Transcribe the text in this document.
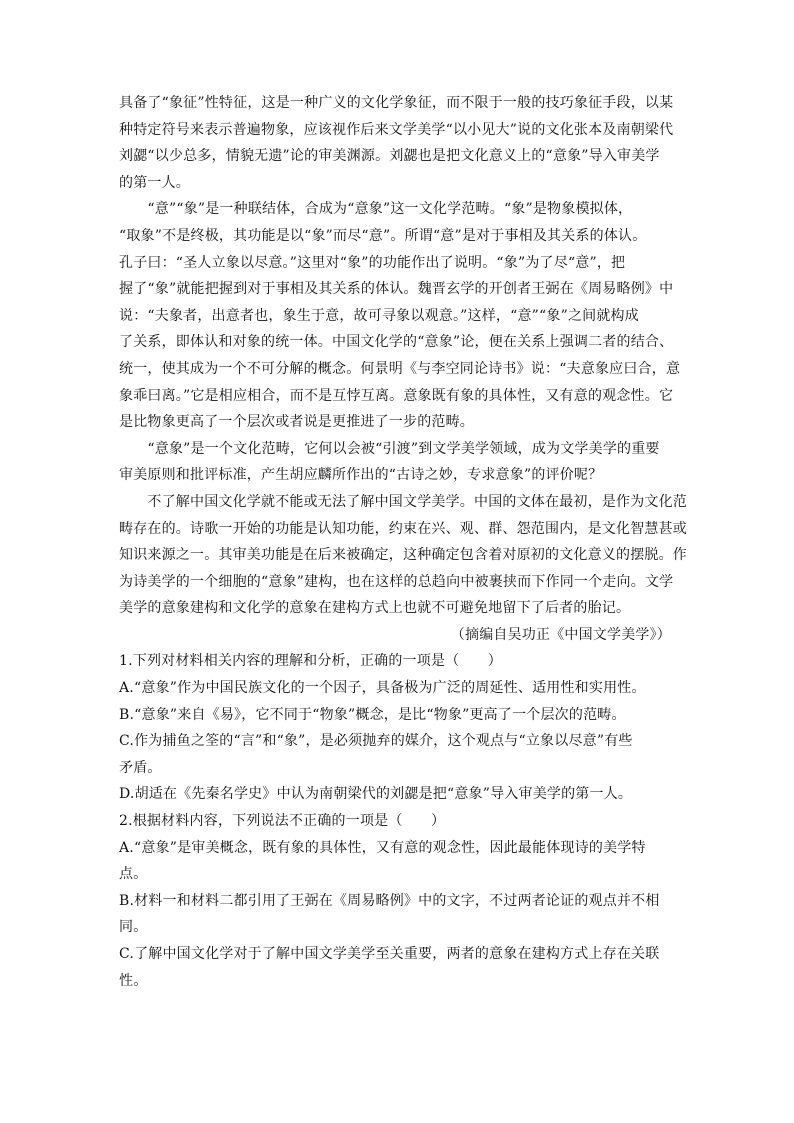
具备了“象征”性特征，这是一种广义的文化学象征，而不限于一般的技巧象征手段，以某
种特定符号来表示普遍物象，应该视作后来文学美学“以小见大”说的文化张本及南朝梁代
刘勰“以少总多，情貌无遗”论的审美渊源。刘勰也是把文化意义上的“意象”导入审美学
的第一人。
　　“意”“象”是一种联结体，合成为“意象”这一文化学范畴。“象”是物象模拟体，
“取象”不是终极，其功能是以“象”而尽“意”。所谓“意”是对于事相及其关系的体认。
孔子曰：“圣人立象以尽意。”这里对“象”的功能作出了说明。“象”为了尽“意”，把
握了“象”就能把握到对于事相及其关系的体认。魏晋玄学的开创者王弼在《周易略例》中
说：“夫象者，出意者也，象生于意，故可寻象以观意。”这样，“意”“象”之间就构成
了关系，即体认和对象的统一体。中国文化学的“意象”论，便在关系上强调二者的结合、
统一，使其成为一个不可分解的概念。何景明《与李空同论诗书》说：“夫意象应曰合，意
象乖曰离。”它是相应相合，而不是互悖互离。意象既有象的具体性，又有意的观念性。它
是比物象更高了一个层次或者说是更推进了一步的范畴。
　　“意象”是一个文化范畴，它何以会被“引渡”到文学美学领域，成为文学美学的重要
审美原则和批评标准，产生胡应麟所作出的“古诗之妙，专求意象”的评价呢？
　　不了解中国文化学就不能或无法了解中国文学美学。中国的文体在最初，是作为文化范
畴存在的。诗歌一开始的功能是认知功能，约束在兴、观、群、怨范围内，是文化智慧甚或
知识来源之一。其审美功能是在后来被确定，这种确定包含着对原初的文化意义的摆脱。作
为诗美学的一个细胞的“意象”建构，也在这样的总趋向中被裹挟而下作同一个走向。文学
美学的意象建构和文化学的意象在建构方式上也就不可避免地留下了后者的胎记。
（摘编自吴功正《中国文学美学》）
1.下列对材料相关内容的理解和分析，正确的一项是（　　）
A.“意象”作为中国民族文化的一个因子，具备极为广泛的周延性、适用性和实用性。
B.“意象”来自《易》，它不同于“物象”概念，是比“物象”更高了一个层次的范畴。
C.作为捕鱼之筌的“言”和“象”，是必须抛弃的媒介，这个观点与“立象以尽意”有些
矛盾。
D.胡适在《先秦名学史》中认为南朝梁代的刘勰是把“意象”导入审美学的第一人。
2.根据材料内容，下列说法不正确的一项是（　　）
A.“意象”是审美概念，既有象的具体性，又有意的观念性，因此最能体现诗的美学特
点。
B.材料一和材料二都引用了王弼在《周易略例》中的文字，不过两者论证的观点并不相
同。
C.了解中国文化学对于了解中国文学美学至关重要，两者的意象在建构方式上存在关联
性。
